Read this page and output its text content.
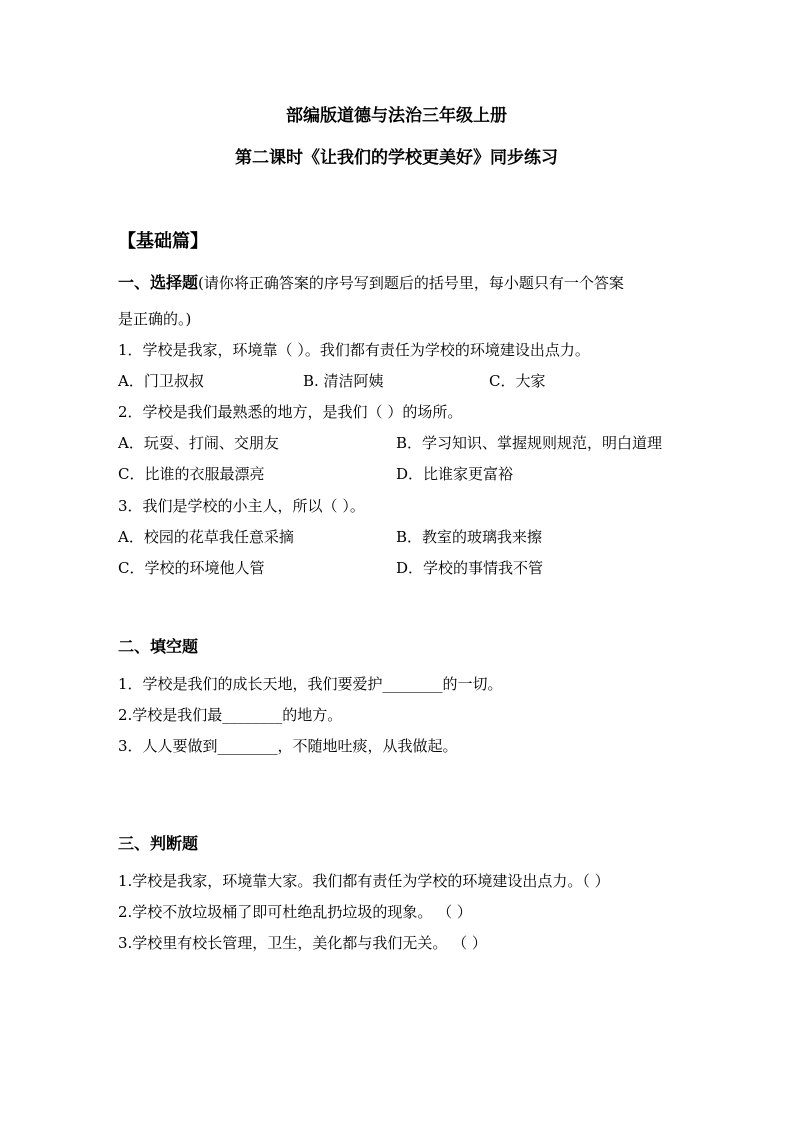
部编版道德与法治三年级上册
第二课时《让我们的学校更美好》同步练习
【基础篇】
一、选择题(请你将正确答案的序号写到题后的括号里，每小题只有一个答案
是正确的。)
1．学校是我家，环境靠（ ）。我们都有责任为学校的环境建设出点力。
A．门卫叔叔	B. 清洁阿姨	C．大家
2．学校是我们最熟悉的地方，是我们（ ）的场所。
A．玩耍、打闹、交朋友	B．学习知识、掌握规则规范，明白道理
C．比谁的衣服最漂亮	D．比谁家更富裕
3．我们是学校的小主人，所以（ ）。
A．校园的花草我任意采摘	B．教室的玻璃我来擦
C．学校的环境他人管	D．学校的事情我不管
二、填空题
1．学校是我们的成长天地，我们要爱护________的一切。
2.学校是我们最________的地方。
3．人人要做到________，不随地吐痰，从我做起。
三、判断题
1.学校是我家，环境靠大家。我们都有责任为学校的环境建设出点力。（ ）
2.学校不放垃圾桶了即可杜绝乱扔垃圾的现象。 （ ）
3.学校里有校长管理，卫生，美化都与我们无关。 （ ）
